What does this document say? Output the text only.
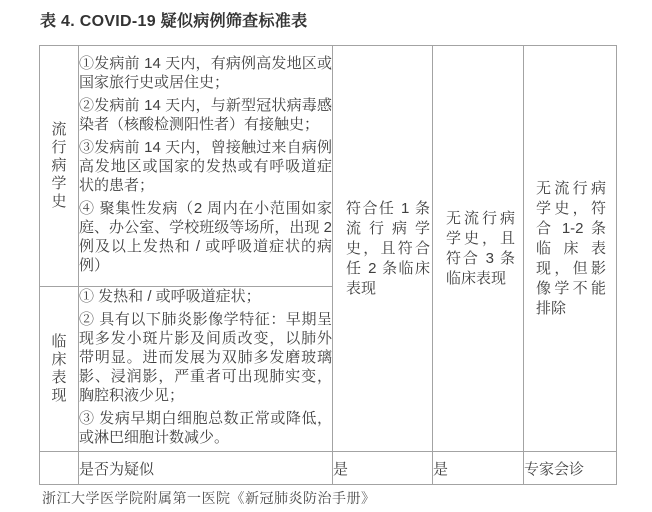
表 4. COVID-19 疑似病例筛查标准表
流行病学史	①发病前 14 天内，有病例高发地区或国家旅行史或居住史；

②发病前 14 天内，与新型冠状病毒感染者（核酸检测阳性者）有接触史；

③发病前 14 天内，曾接触过来自病例高发地区或国家的发热或有呼吸道症状的患者；

④ 聚集性发病（2 周内在小范围如家庭、办公室、学校班级等场所，出现 2 例及以上发热和 / 或呼吸道症状的病例）	符合任 1 条流行病学史，且符合任 2 条临床表现	无流行病学史，且符合 3 条临床表现	无流行病学史，符合 1-2 条临床表现，但影像学不能排除
临床表现	① 发热和 / 或呼吸道症状；

② 具有以下肺炎影像学特征：早期呈现多发小斑片影及间质改变，以肺外带明显。进而发展为双肺多发磨玻璃影、浸润影，严重者可出现肺实变，胸腔积液少见；

③ 发病早期白细胞总数正常或降低，或淋巴细胞计数减少。			

	是否为疑似	是	是	专家会诊
浙江大学医学院附属第一医院《新冠肺炎防治手册》
